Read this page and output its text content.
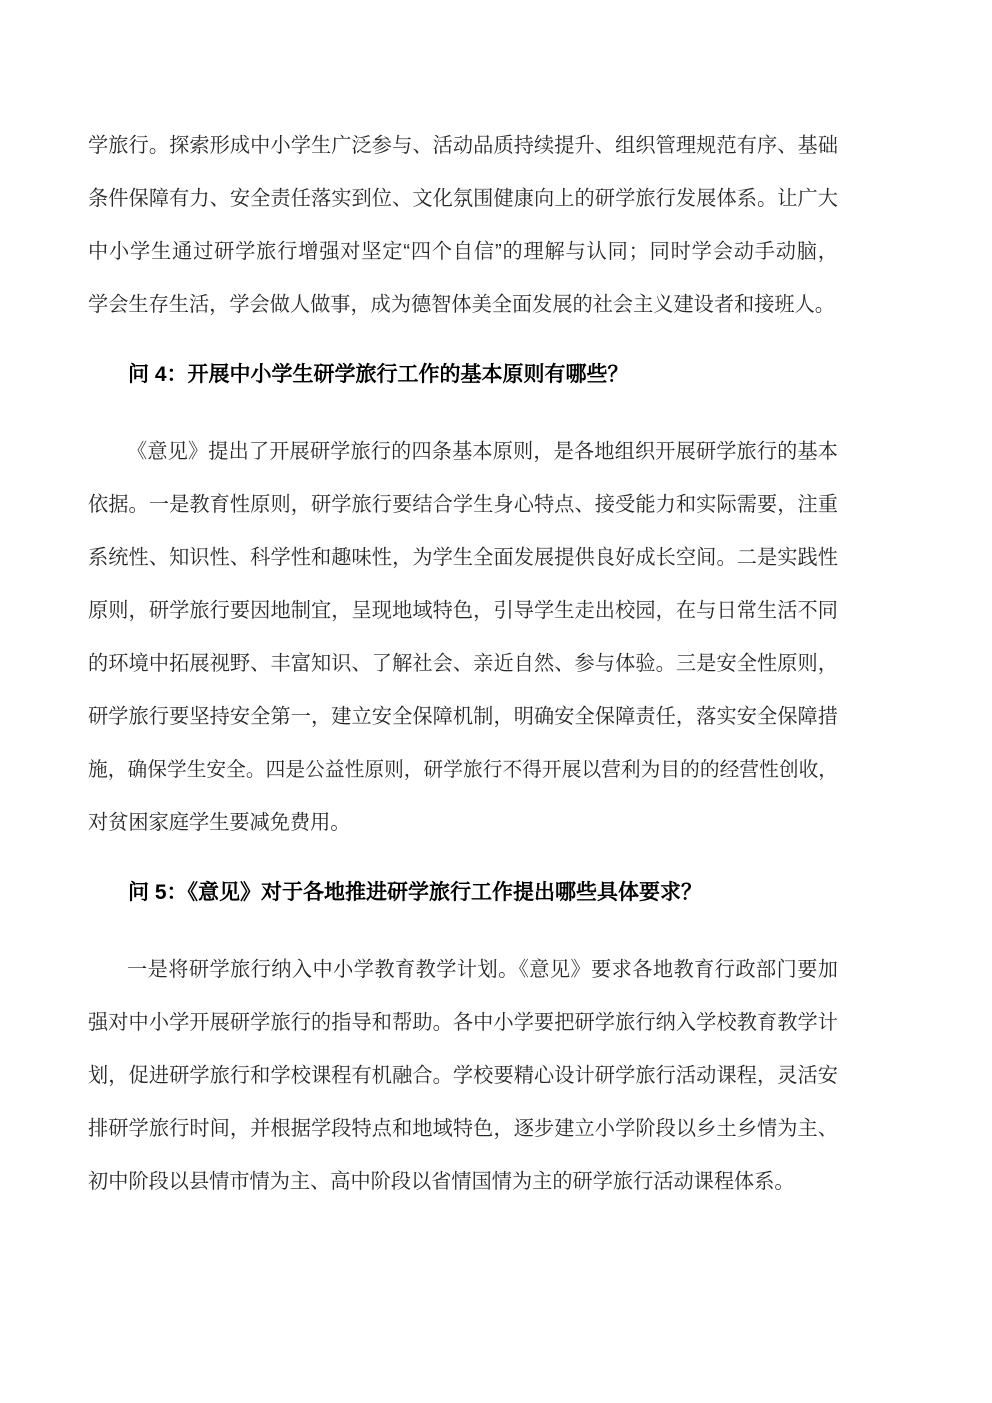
学旅行。探索形成中小学生广泛参与、活动品质持续提升、组织管理规范有序、基础
条件保障有力、安全责任落实到位、文化氛围健康向上的研学旅行发展体系。让广大
中小学生通过研学旅行增强对坚定“四个自信”的理解与认同；同时学会动手动脑，
学会生存生活，学会做人做事，成为德智体美全面发展的社会主义建设者和接班人。
问 4：开展中小学生研学旅行工作的基本原则有哪些？
《意见》提出了开展研学旅行的四条基本原则，是各地组织开展研学旅行的基本
依据。一是教育性原则，研学旅行要结合学生身心特点、接受能力和实际需要，注重
系统性、知识性、科学性和趣味性，为学生全面发展提供良好成长空间。二是实践性
原则，研学旅行要因地制宜，呈现地域特色，引导学生走出校园，在与日常生活不同
的环境中拓展视野、丰富知识、了解社会、亲近自然、参与体验。三是安全性原则，
研学旅行要坚持安全第一，建立安全保障机制，明确安全保障责任，落实安全保障措
施，确保学生安全。四是公益性原则，研学旅行不得开展以营利为目的的经营性创收，
对贫困家庭学生要减免费用。
问 5：《意见》对于各地推进研学旅行工作提出哪些具体要求？
一是将研学旅行纳入中小学教育教学计划。《意见》要求各地教育行政部门要加
强对中小学开展研学旅行的指导和帮助。各中小学要把研学旅行纳入学校教育教学计
划，促进研学旅行和学校课程有机融合。学校要精心设计研学旅行活动课程，灵活安
排研学旅行时间，并根据学段特点和地域特色，逐步建立小学阶段以乡土乡情为主、
初中阶段以县情市情为主、高中阶段以省情国情为主的研学旅行活动课程体系。
